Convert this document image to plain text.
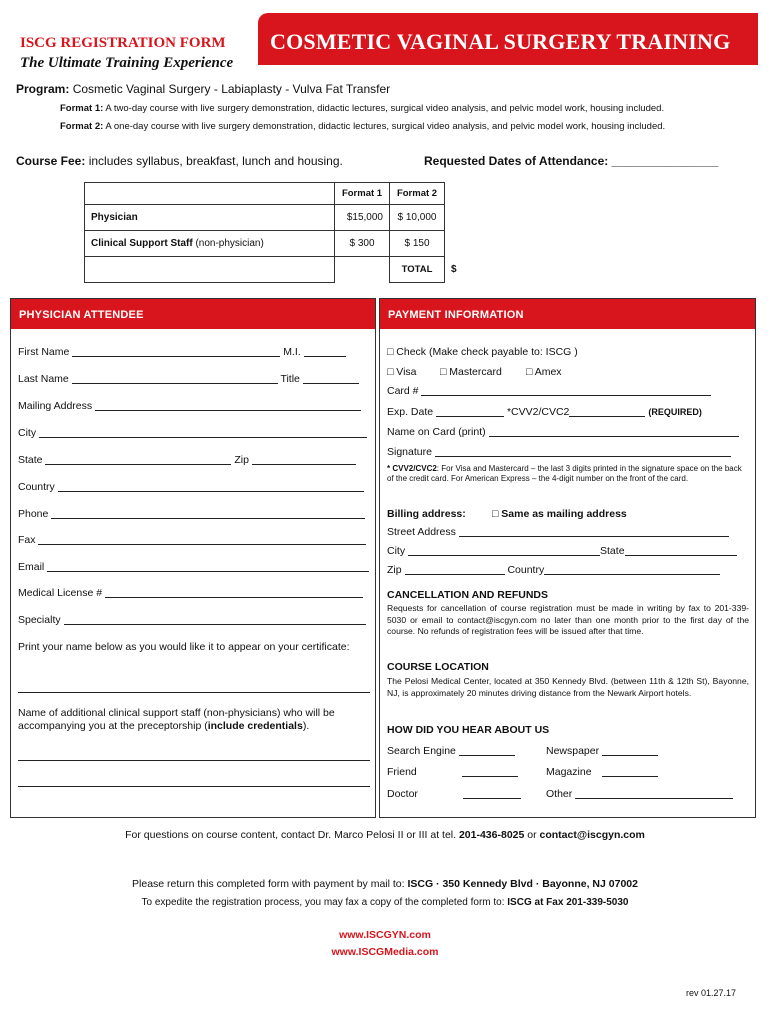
COSMETIC VAGINAL SURGERY TRAINING
ISCG REGISTRATION FORM
The Ultimate Training Experience
Program: Cosmetic Vaginal Surgery - Labiaplasty - Vulva Fat Transfer
Format 1: A two-day course with live surgery demonstration, didactic lectures, surgical video analysis, and pelvic model work, housing included.
Format 2: A one-day course with live surgery demonstration, didactic lectures, surgical video analysis, and pelvic model work, housing included.
Course Fee: includes syllabus, breakfast, lunch and housing.	Requested Dates of Attendance: ________________
	Format 1	Format 2	
Physician	$15,000	$ 10,000	
Clinical Support Staff (non-physician)	$ 300	$ 150	
		TOTAL	$
PHYSICIAN ATTENDEE
First Name	M.I.
Last Name	Title
Mailing Address
City
State	Zip
Country
Phone
Fax
Email
Medical License #
Specialty
Print your name below as you would like it to appear on your certificate:
Name of additional clinical support staff (non-physicians) who will be accompanying you at the preceptorship (include credentials).
PAYMENT INFORMATION
□ Check (Make check payable to: ISCG )
□ Visa □ Mastercard □ Amex
Card #
Exp. Date	*CVV2/CVC2	(REQUIRED)
Name on Card (print)
Signature
* CVV2/CVC2: For Visa and Mastercard – the last 3 digits printed in the signature space on the back of the credit card. For American Express – the 4-digit number on the front of the card.
Billing address: □ Same as mailing address
Street Address
City	State
Zip	Country
CANCELLATION AND REFUNDS
Requests for cancellation of course registration must be made in writing by fax to 201-339-5030 or email to contact@iscgyn.com no later than one month prior to the first day of the course. No refunds of registration fees will be issued after that time.
COURSE LOCATION
The Pelosi Medical Center, located at 350 Kennedy Blvd. (between 11th & 12th St), Bayonne, NJ, is approximately 20 minutes driving distance from the Newark Airport hotels.
HOW DID YOU HEAR ABOUT US
Search Engine	Newspaper
Friend	Magazine
Doctor	Other
For questions on course content, contact Dr. Marco Pelosi II or III at tel. 201-436-8025 or contact@iscgyn.com
Please return this completed form with payment by mail to: ISCG · 350 Kennedy Blvd · Bayonne, NJ 07002
To expedite the registration process, you may fax a copy of the completed form to: ISCG at Fax 201-339-5030
www.ISCGYN.com
www.ISCGMedia.com
rev 01.27.17
